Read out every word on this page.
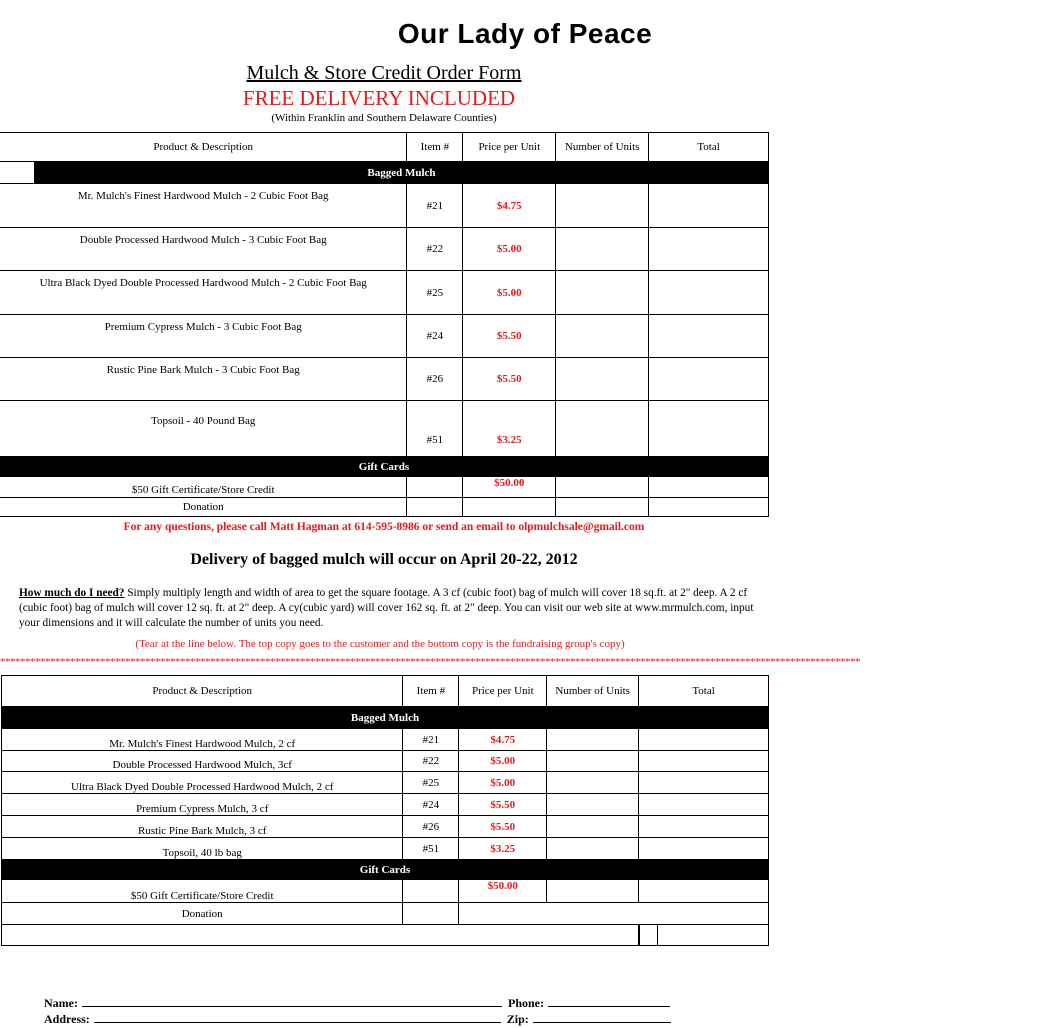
Our Lady of Peace
Mulch & Store Credit Order Form
FREE DELIVERY INCLUDED
(Within Franklin and Southern Delaware Counties)
Product & Description		Item #	Price per Unit	Number of Units	Total
	Bagged Mulch				
Mr. Mulch's Finest Hardwood Mulch - 2 Cubic Foot Bag		#21	$4.75		
Double Processed Hardwood Mulch - 3 Cubic Foot Bag		#22	$5.00		
Ultra Black Dyed Double Processed Hardwood Mulch - 2 Cubic Foot Bag		#25	$5.00		
Premium Cypress Mulch - 3 Cubic Foot Bag		#24	$5.50		
Rustic Pine Bark Mulch - 3 Cubic Foot Bag		#26	$5.50		
Topsoil - 40 Pound Bag		#51	$3.25		
Gift Cards					
$50 Gift Certificate/Store Credit			$50.00		
Donation					
For any questions, please call Matt Hagman at 614-595-8986 or send an email to olpmulchsale@gmail.com
Delivery of bagged mulch will occur on April 20-22, 2012
How much do I need? Simply multiply length and width of area to get the square footage. A 3 cf (cubic foot) bag of mulch will cover 18 sq.ft. at 2" deep. A 2 cf (cubic foot) bag of mulch will cover 12 sq. ft. at 2" deep. A cy(cubic yard) will cover 162 sq. ft. at 2" deep. You can visit our web site at www.mrmulch.com, input your dimensions and it will calculate the number of units you need.
(Tear at the line below. The top copy goes to the customer and the bottom copy is the fundraising group's copy)
****************************************************************************************************************************************************************************
Product & Description	Item #	Price per Unit	Number of Units	Total
Bagged Mulch				
Mr. Mulch's Finest Hardwood Mulch, 2 cf	#21	$4.75		
Double Processed Hardwood Mulch, 3cf	#22	$5.00		
Ultra Black Dyed Double Processed Hardwood Mulch, 2 cf	#25	$5.00		
Premium Cypress Mulch, 3 cf	#24	$5.50		
Rustic Pine Bark Mulch, 3 cf	#26	$5.50		
Topsoil, 40 lb bag	#51	$3.25		
Gift Cards				
$50 Gift Certificate/Store Credit		$50.00		
Donation				

Name:	Phone:
Address:	Zip:
